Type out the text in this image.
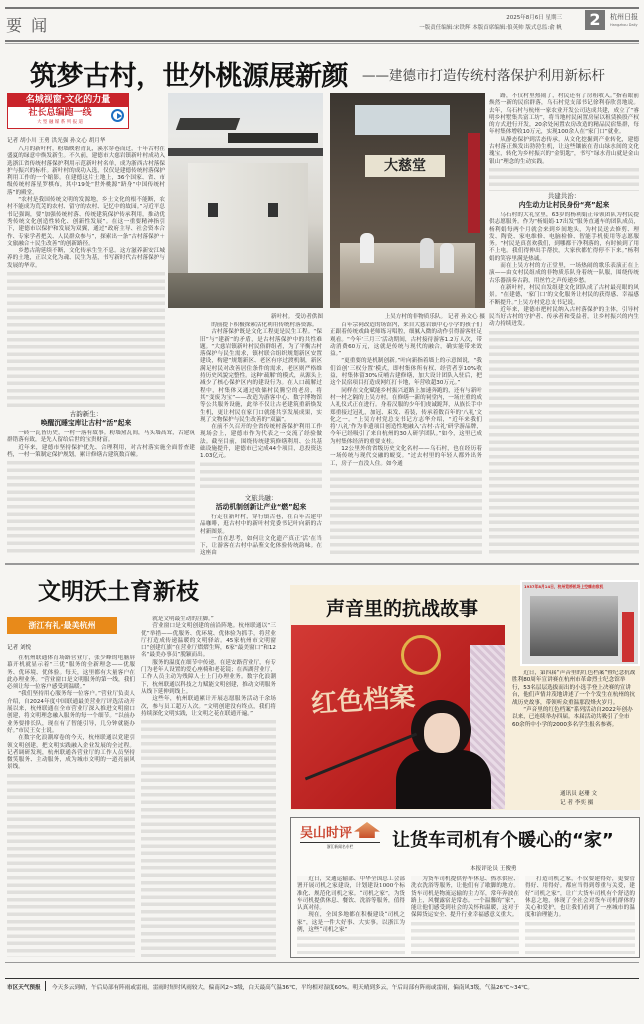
要 闻	2025年8月6日 星期三
一版责任编辑:宋铁辉 本版首席编辑:俍英帅 版式总监:俞 帆 2	杭州日报
Hangzhou Daily
筑梦古村，世外桃源展新颜 ——建德市打造传统村落保护利用新标杆
名城视窗·文化的力量
社长总编跑一线
大 型 融 媒 系 列 报 道
记者 胡小川 王勇 洪光强 孙文心 胡月华
新叶村。 受访者供图
大慈堂
上吴方村的非物质乐队。 记者 孙文心 摄

八月的新叶村，粉墙映碧青瓦，溪水穿巷而过，千年古村在盛夏的绿意中焕发新生。不久前，建德市大慈岩镇新叶村成功入选浙江省传统村落保护利用示范新叶村名单，成为浙西古村落保护与振兴的标杆。新叶村的成功入选，仅仅是建德传统村落保护利用工作的一个缩影。在建德这片土地上，36个国家、省、市级传统村落星罗棋布，其中19处“世外桃源”跻身“中国传统村落”的殿堂。

“农村是我国传统文明的发源地，乡土文化的根不能断，农村不能成为荒芜的农村、留守的农村、记忆中的故园。”习近平总书记强调，要“加强传统村落、传统建筑保护传承利用，推动优秀传统文化创造性转化、创新性发展”。在这一重要精神指引下，建德市以保护和发展为双翼，通过“政府主导、社会资本合作、专家学者把关、人民群众参与”，探索出一条“古村落保护＋文旅融合＋民生改善”的创新路径。

乡愁古韵延续不断，文化传承生生不息。这方滋养新安江城养的土地，正以文化为魂、民生为基，书写新时代古村落保护与发展的华章。

古韵新生：
唤醒沉睡宝库让古村“活”起来

一砖一瓦皆历史，一村一落有故事。粉墙黛瓦间，马头墙高耸，古建筑群错落有致，是先人留给后世的宝贵财富。

近年来，建德市坚持保护优先、合理利用，对古村落实施全面普查建档，一村一策制定保护规划，累计修缮古建筑数百幢。

的前提下积极探索活化利用传统村落资源。

古村落保护既是文化工程更是民生工程。“保旧”与“建新”的矛盾，是古村落保护中的共性难题。“大慈岩镇新叶村民俗群组者，为了平衡古村落保护与民生需求，镇村联合组织规划新区安置建设，构建“规划新区、老区有序过渡机制，新区满足村民对改善居住条件的需求，老区则严格维持历史风貌完整性。这种‘疏解’的模式，从源头上减少了核心保护区内的建设行为。在人口疏解过程中，村集体又通过收储村民腾空的老房，将其“变废为宝”——改造为游客中心、数字博物馆等公共服务设施，此举不仅让古老建筑重新焕发生机，更让村民在家门口就能共享发展成果，实现了文物保护与民生改善的“双赢”。

在前不久召开的全省传统村落保护利用工作现场会上，建德市作为代表之一交流了经验做法。截至目前，围绕传统建筑修缮利用、公共基础设施提升，建德市已完成44个项目，总投资达1.03亿元。

文旅共融：
活动机制创新让产业“燃”起来

行走在新叶村，穿行镇古巷，在百年古建中品咖啡，逛古村中的新叶村党委书记叶向新的古村新图景。

一直在思考，如何让文化遗产真正‘活’在当下，让游客在古村中品鉴文化体验传统韵味。在这座由

百年宗祠改造的场馆内，来自大慈岩镇中心小学的孩子们正跟着传统戏曲老师练习唱腔，细腻入微的动作引得游客驻足观看。“今年‘三月三’活动期间，古村接待游客1.2万人次，带动消费60万元，这就是传统与现代的融合，确实能带来效益。”

“更重要的是机制创新。”叶向新指着墙上的示意图说，“我们首创‘三权分置’模式，即村集体所有权、经营者享10%收益，村集体留30%反哺古建修缮，加大设计团队入驻后，把这个民宿项目打造成网红打卡地，年营收超30万元。”

同样在文化赋能乡村振兴道路上加速奔跑的，还有与新叶村一村之隔的上吴方村。在修缮一新的祠堂内，一场庄重的成人礼仪式正在进行。身着汉服的少年们虔诚跪拜，从族长手中郑重接过冠礼，加冠、束发、着装，传承着数百年的‘八礼’文化之一。“上吴方村党总支书记方志华介绍，“近年来我们将‘八礼’作为非遗项目创造性地融入‘古村·古礼’研学游品牌，今年已经吸引了来自杭州的30人研学团队。”如今，这里已成为村集体经济的重要支柱。

12公里外的省级历史文化名村——乌石村，也在经历着一场传统与现代交融的蜕变。“过去村里的年轻人都外出务工，房子一直没人住。如今通

路，不仅村里热闹了，村民还有了房租收入。”指着眼前焕然一新的民宿群落，乌石村党支部书记徐利春欣喜地说。去年，乌石村与杭州一家农业开发公司达成共建，成立了“睿明乡村墅集共富工坊”，将当地村民闲置房屋以租赁换股产权的方式进行开发，20余处闲置农房改造的精品民宿集群，每年村集体增收10万元，实现100余人在“家门口”就业。

从静态保护到活态传承，从文化挖掘到产业转化，建德古村落正焕发出勃勃生机，让这些镶嵌在青山绿水间的文化瑰宝，转化为乡村振兴的“金钥匙”，书写“绿水青山就是金山银山”理念的生动实践。

共建共治：
内生动力让村民身份“亮”起来

乌石村的大礼堂里，63岁的杨利娟正带领团队为村民提供志愿服务。作为“杨娟娟·17出发”服务直通车的团队成员，杨利娟每两个月就会来到乡间地头，为村民送去修剪、理发、陶瓷、家电维修、电脑检修、智能手机使用等志愿服务。“村民是真喜欢我们，到哪都干净利落的，有时候到了用不上电。我们得伸出手帮扶，大家伙都忙得停不下来。”杨利娟的笑容里满是热诚。

而在上吴方村的方正堂里，一场热闹的歌乐表演正在上演——由女村民组成的非物质乐队身着统一队服，围绕传统古乐器演奏古韵，用丝竹之声传递乡愁。

在新叶村，村民自发组建文化团队成了古村最亮眼的风景。“在建德，‘家门口’的文化服务让村民的获得感、幸福感不断提升。”上吴方村党总支书记说。

近年来，建德市把村民纳入古村落保护的主体，引导村民当好古村的守护者、传承者和受益者，让乡村振兴的内生动力持续迸发。

文明沃土育新枝
浙江有礼·最美杭州
记者 刘悦

在杭州联通体育场路营业厅，张少峰的电脑屏幕开机就显示着“三优”服务的全新理念——优服务、优环境、优体验。每天，这里都有大量客户在此办理业务。“营业窗口是文明服务的第一线，我们必须让每一位客户感受到温暖。”

“我们坚持用心服务每一位客户。”营业厅负责人介绍，自2024年度中国联通最美营业厅评选活动开展以来，杭州联通在全市营业厅深入推进文明窗口创建，将文明理念融入服务的每一个细节。“以前办业务要排长队，现在有了智能引导，几分钟就能办好。”市民王女士说。

在数字化浪潮席卷的今天，杭州联通以党建引领文明创建，把文明实践融入企业发展的全过程。记者调研发现，杭州联通各营业厅的工作人员坚持微笑服务、主动服务，成为城市文明的一道亮丽风景线。

就是文明最生动的注脚。”

营业窗口是文明创建的前沿阵地。杭州联通以“三优”举措——优服务、优环境、优体验为抓手，将营业厅打造成传递温暖的文明驿站。45家杭州市文明窗口“创建红旗”在营业厅熠熠生辉，6家“最美窗口”和12名“最美办事员”脱颖而出。

服务的温度在细节中传递。在延安路营业厅，有专门为老年人设置的爱心座椅和老花镜；在西湖营业厅，工作人员主动为残障人士上门办理业务。数字化浪潮下，杭州联通以科技之力赋能文明创建，推动文明服务从线下延伸到线上。

这些年，杭州联通累计开展志愿服务活动千余场次，参与员工超万人次。“文明创建没有终点，我们将持续深化文明实践，让文明之花在联通开遍。”

声音里的抗战故事
红色档案
1937年8月14日，杭州笕桥机场上空痛击敌机

近日，第四届“声音里的红色档案”暨纪念抗战胜利80周年宣讲赛在杭州市革命烈士纪念馆举行，53名层层选拔而出的小选手登上决赛的宣讲台，他们声情并茂地讲述了一个个发生在杭州的抗战历史故事，带领听众重温那段烽火岁月。

“声音里的红色档案”系列活动自2022年创办以来，已连续举办四届。本届活动共吸引了全市60余所中小学的2000多名学生报名参赛。

通讯员 赵珊 文
记 者 李奕 摄
吴山时评
浙江新闻名专栏	让货车司机有个暖心的“家”
本报评论员 王俊勇

近日，交通运输部、中华全国总工会部署开展司机之家建设，计划建设1000个标准化、规范化司机之家。“司机之家”，为货车司机提供休息、餐饮、洗浴等服务，值得认真对待。

现在，全国多地都在积极建设“司机之家”，这是一件大好事、大实事。以浙江为例，这些“司机之家”

为货车司机提供停车休息、热水供应、洗衣洗浴等服务，让他们有了歇脚的地方。货车司机是物流运输的主力军，常年奔波在路上，风餐露宿是常态。一个温馨的“家”，能让他们感受到社会的关怀和温暖，这对于保障货运安全、提升行业幸福感意义重大。

打造司机之家，不仅要建得好，更要管得好、用得好。都应当得到尊重与关爱，建好“司机之家”，让广大货车司机有个舒适的休息之地，体现了全社会对货车司机群体的关心和爱护，也让我们看到了一座城市的温度和治理能力。

市区天气预报 今天多云到晴，午后局部有阵雨或雷雨，雷雨时短时风雨较大，偏南风2~3级，白天最高气温36℃，平均相对湿度60%。明天晴到多云，午后局部有阵雨或雷雨，偏南风3级，气温26℃~34℃。
